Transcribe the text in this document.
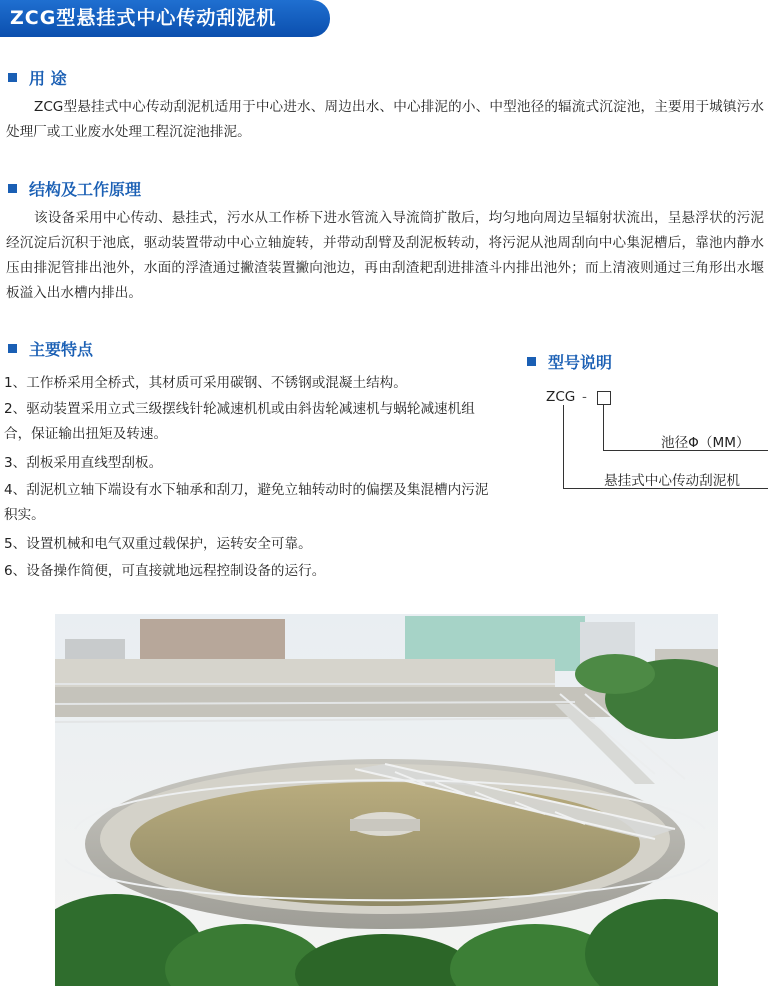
ZCG型悬挂式中心传动刮泥机
用 途
ZCG型悬挂式中心传动刮泥机适用于中心进水、周边出水、中心排泥的小、中型池径的辐流式沉淀池，主要用于城镇污水处理厂或工业废水处理工程沉淀池排泥。
结构及工作原理
该设备采用中心传动、悬挂式，污水从工作桥下进水管流入导流筒扩散后，均匀地向周边呈辐射状流出，呈悬浮状的污泥经沉淀后沉积于池底，驱动装置带动中心立轴旋转，并带动刮臂及刮泥板转动，将污泥从池周刮向中心集泥槽后，靠池内静水压由排泥管排出池外，水面的浮渣通过撇渣装置撇向池边，再由刮渣耙刮进排渣斗内排出池外；而上清液则通过三角形出水堰板溢入出水槽内排出。
主要特点
1、工作桥采用全桥式，其材质可采用碳钢、不锈钢或混凝土结构。
2、驱动装置采用立式三级摆线针轮减速机机或由斜齿轮减速机与蜗轮减速机组合，保证输出扭矩及转速。
3、刮板采用直线型刮板。
4、刮泥机立轴下端设有水下轴承和刮刀，避免立轴转动时的偏摆及集混槽内污泥积实。
5、设置机械和电气双重过载保护，运转安全可靠。
6、设备操作简便，可直接就地远程控制设备的运行。
型号说明
ZCG -
池径Φ（MM）
悬挂式中心传动刮泥机
